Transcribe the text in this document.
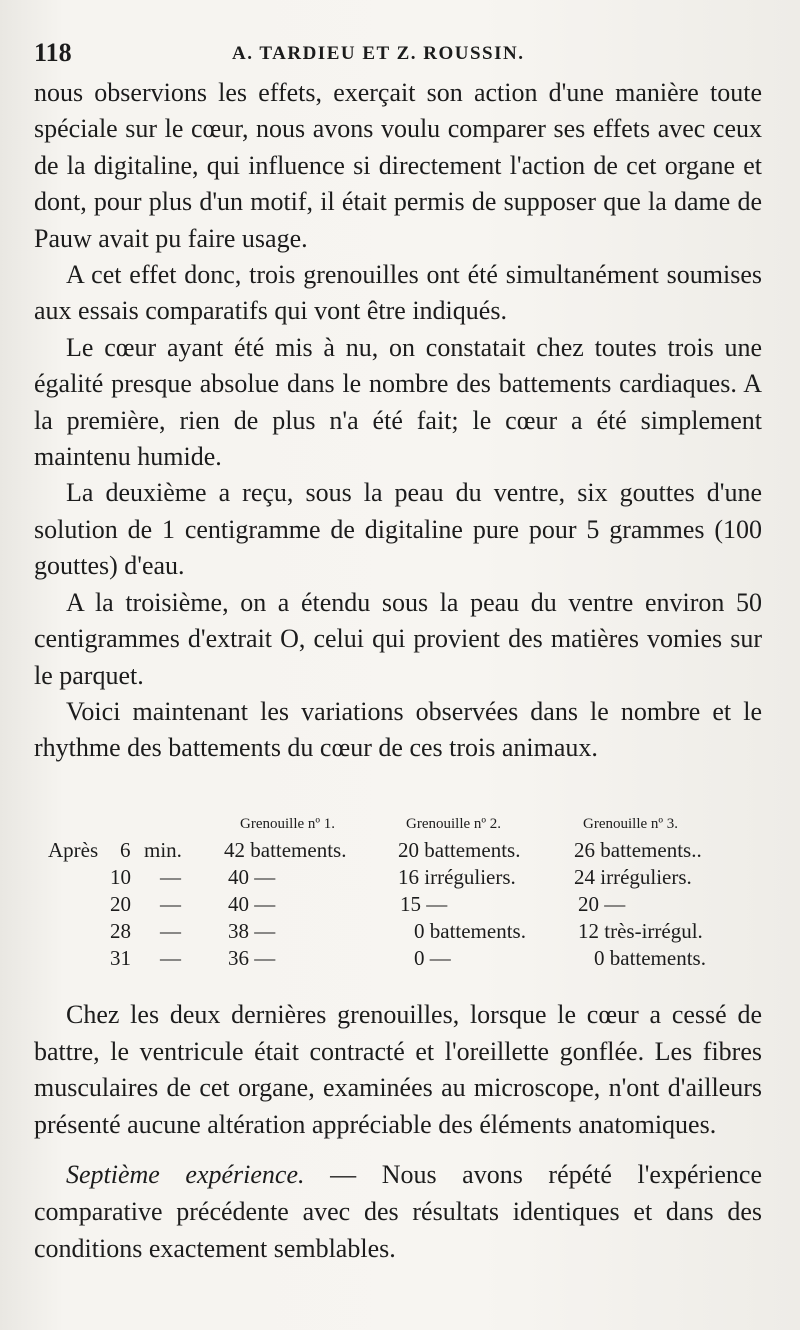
118	A. TARDIEU ET Z. ROUSSIN.

nous observions les effets, exerçait son action d'une manière toute spéciale sur le cœur, nous avons voulu comparer ses effets avec ceux de la digitaline, qui influence si directement l'action de cet organe et dont, pour plus d'un motif, il était permis de supposer que la dame de Pauw avait pu faire usage.

A cet effet donc, trois grenouilles ont été simultanément soumises aux essais comparatifs qui vont être indiqués.

Le cœur ayant été mis à nu, on constatait chez toutes trois une égalité presque absolue dans le nombre des battements cardiaques. A la première, rien de plus n'a été fait; le cœur a été simplement maintenu humide.

La deuxième a reçu, sous la peau du ventre, six gouttes d'une solution de 1 centigramme de digitaline pure pour 5 grammes (100 gouttes) d'eau.

A la troisième, on a étendu sous la peau du ventre environ 50 centigrammes d'extrait O, celui qui provient des matières vomies sur le parquet.

Voici maintenant les variations observées dans le nombre et le rhythme des battements du cœur de ces trois animaux.

Grenouille nº 1.	Grenouille nº 2.	Grenouille nº 3.
Après 6 min. 42 battements. 20 battements.	26 battements..
10 — 40 —	16 irréguliers.	24 irréguliers.
20 — 40 —	15 —	20 —
28 — 38 —	0 battements. 12 très-irrégul.
31 — 36 —	0 —	0 battements.

Chez les deux dernières grenouilles, lorsque le cœur a cessé de battre, le ventricule était contracté et l'oreillette gonflée. Les fibres musculaires de cet organe, examinées au microscope, n'ont d'ailleurs présenté aucune altération appréciable des éléments anatomiques.

Septième expérience. — Nous avons répété l'expérience comparative précédente avec des résultats identiques et dans des conditions exactement semblables.
